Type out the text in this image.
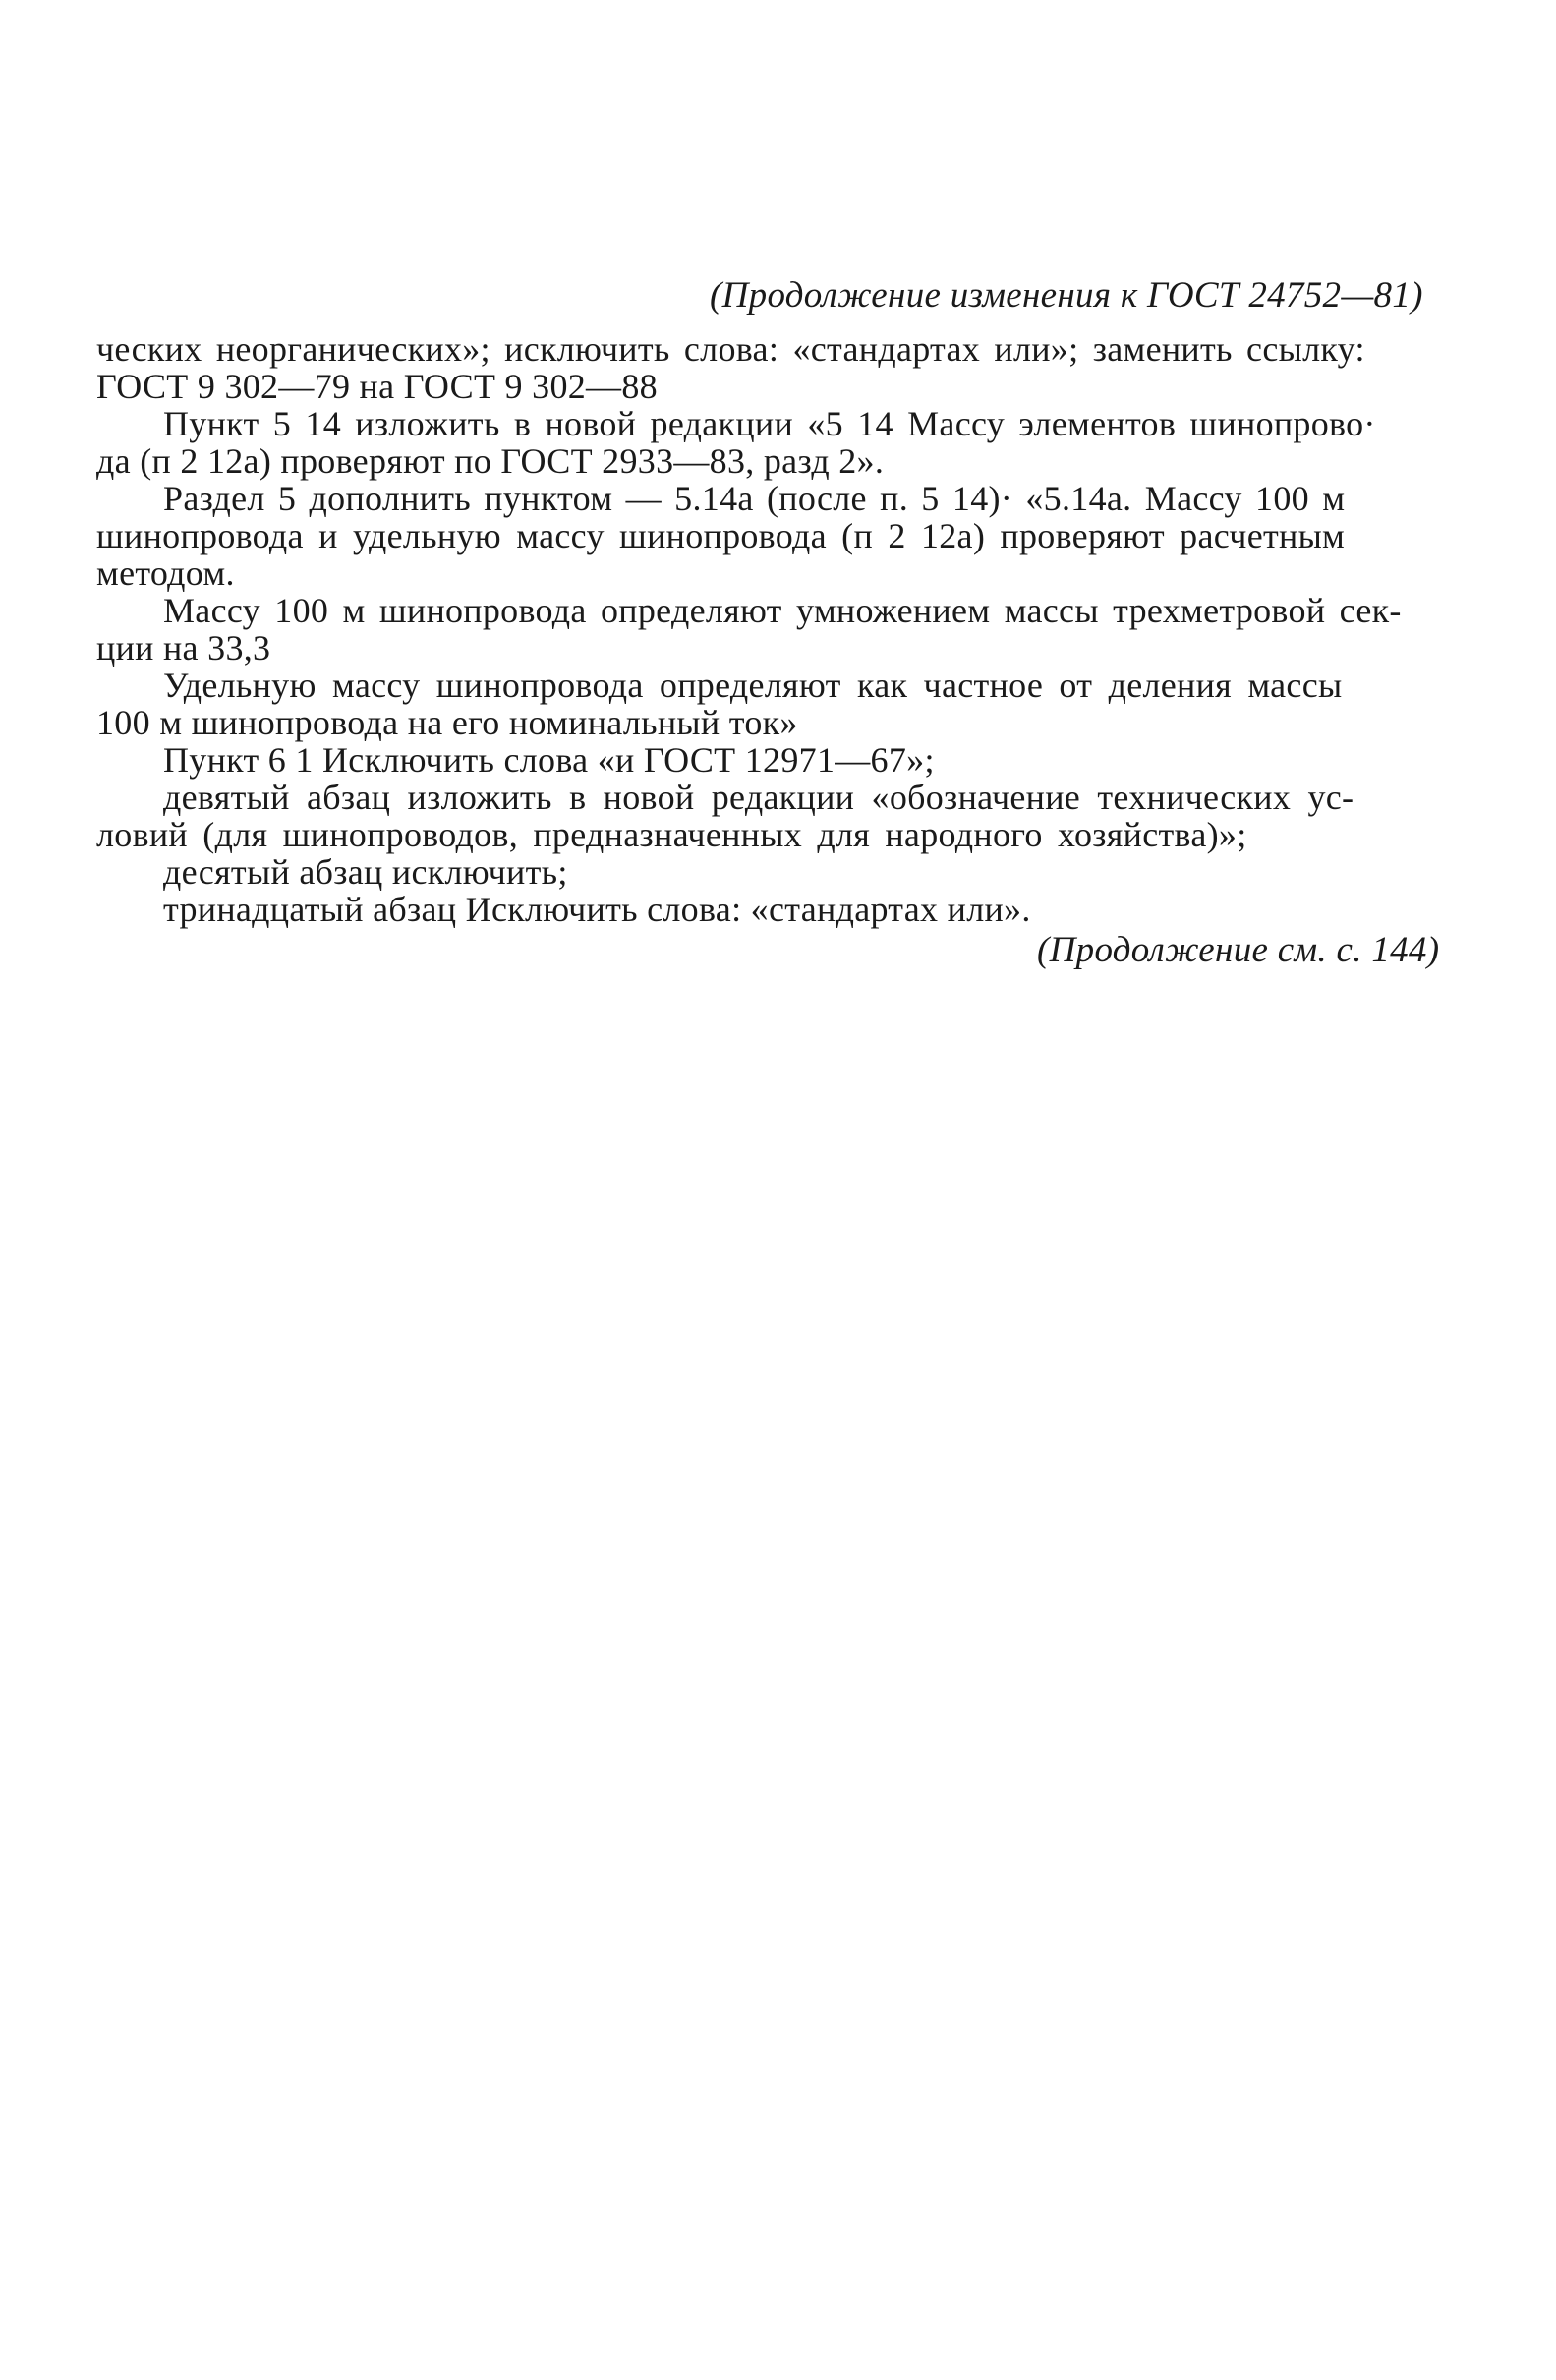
(Продолжение изменения к ГОСТ 24752—81)
ческих неорганических»; исключить слова: «стандартах или»; заменить ссылку:
ГОСТ 9 302—79 на ГОСТ 9 302—88
Пункт 5 14 изложить в новой редакции «5 14 Массу элементов шинопрово·
да (п 2 12а) проверяют по ГОСТ 2933—83, разд 2».
Раздел 5 дополнить пунктом — 5.14а (после п. 5 14)· «5.14а. Массу 100 м
шинопровода и удельную массу шинопровода (п 2 12а) проверяют расчетным
методом.
Массу 100 м шинопровода определяют умножением массы трехметровой сек-
ции на 33,3
Удельную массу шинопровода определяют как частное от деления массы
100 м шинопровода на его номинальный ток»
Пункт 6 1 Исключить слова «и ГОСТ 12971—67»;
девятый абзац изложить в новой редакции «обозначение технических ус-
ловий (для шинопроводов, предназначенных для народного хозяйства)»;
десятый абзац исключить;
тринадцатый абзац Исключить слова: «стандартах или».
(Продолжение см. с. 144)
